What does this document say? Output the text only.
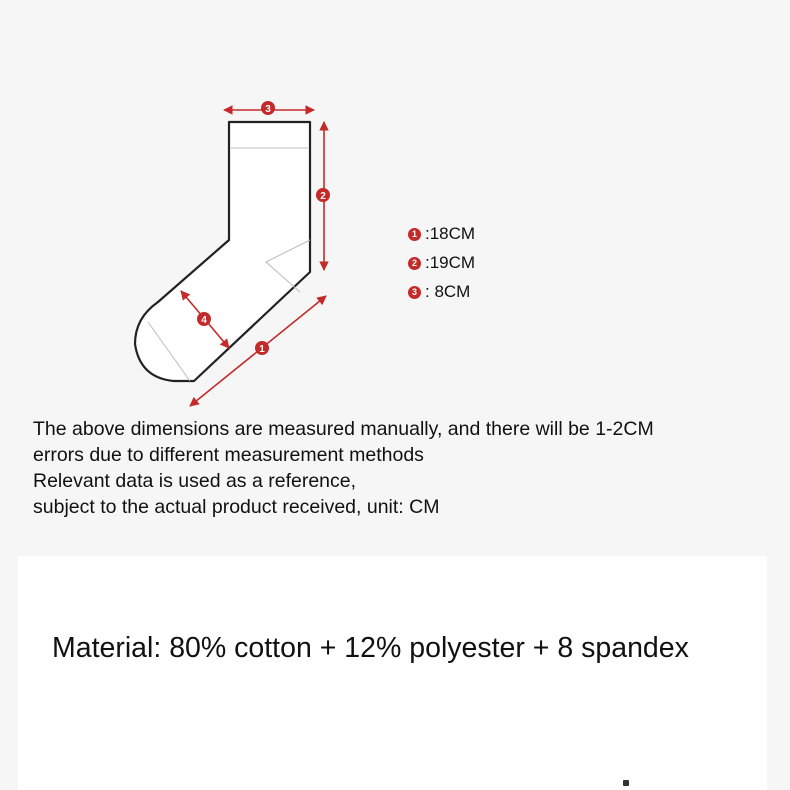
3
2
1
4
1 :18CM
2 :19CM
3 : 8CM

The above dimensions are measured manually, and there will be 1-2CM

errors due to different measurement methods

Relevant data is used as a reference,

subject to the actual product received, unit: CM

Material: 80% cotton + 12% polyester + 8 spandex
